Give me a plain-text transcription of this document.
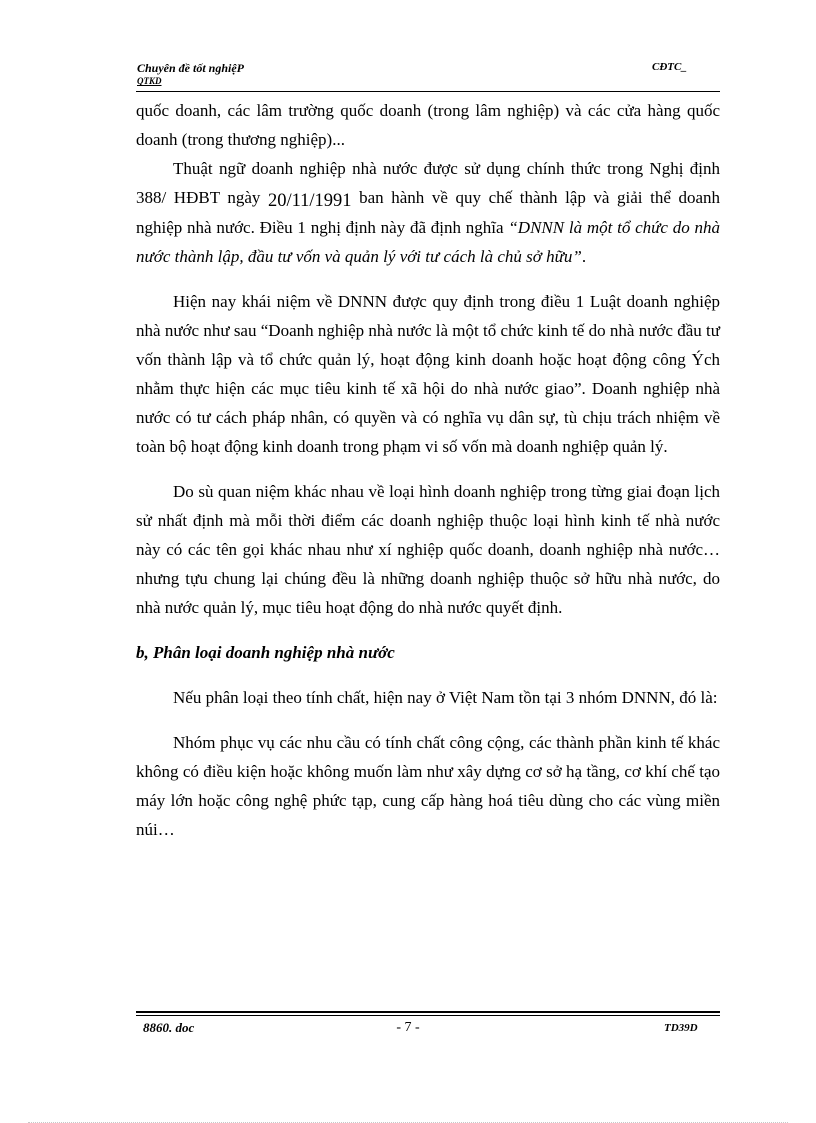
Chuyên đề tốt nghiệP
QTKD
CĐTC_

quốc doanh, các lâm trường quốc doanh (trong lâm nghiệp) và các cửa hàng quốc doanh (trong thương nghiệp)...

Thuật ngữ doanh nghiệp nhà nước được sử dụng chính thức trong Nghị định 388/ HĐBT ngày 20/11/1991 ban hành về quy chế thành lập và giải thể doanh nghiệp nhà nước. Điều 1 nghị định này đã định nghĩa “DNNN là một tổ chức do nhà nước thành lập, đầu tư vốn và quản lý với tư cách là chủ sở hữu”.

Hiện nay khái niệm về DNNN được quy định trong điều 1 Luật doanh nghiệp nhà nước như sau “Doanh nghiệp nhà nước là một tổ chức kinh tế do nhà nước đầu tư vốn thành lập và tổ chức quản lý, hoạt động kinh doanh hoặc hoạt động công Ých nhằm thực hiện các mục tiêu kinh tế xã hội do nhà nước giao”. Doanh nghiệp nhà nước có tư cách pháp nhân, có quyền và có nghĩa vụ dân sự, tù chịu trách nhiệm về toàn bộ hoạt động kinh doanh trong phạm vi số vốn mà doanh nghiệp quản lý.

Do sù quan niệm khác nhau về loại hình doanh nghiệp trong từng giai đoạn lịch sử nhất định mà mỗi thời điểm các doanh nghiệp thuộc loại hình kinh tế nhà nước này có các tên gọi khác nhau như xí nghiệp quốc doanh, doanh nghiệp nhà nước… nhưng tựu chung lại chúng đều là những doanh nghiệp thuộc sở hữu nhà nước, do nhà nước quản lý, mục tiêu hoạt động do nhà nước quyết định.

b, Phân loại doanh nghiệp nhà nước

Nếu phân loại theo tính chất, hiện nay ở Việt Nam tồn tại 3 nhóm DNNN, đó là:

Nhóm phục vụ các nhu cầu có tính chất công cộng, các thành phần kinh tế khác không có điều kiện hoặc không muốn làm như xây dựng cơ sở hạ tầng, cơ khí chế tạo máy lớn hoặc công nghệ phức tạp, cung cấp hàng hoá tiêu dùng cho các vùng miền núi…

8860. doc	- 7 -	TD39D
